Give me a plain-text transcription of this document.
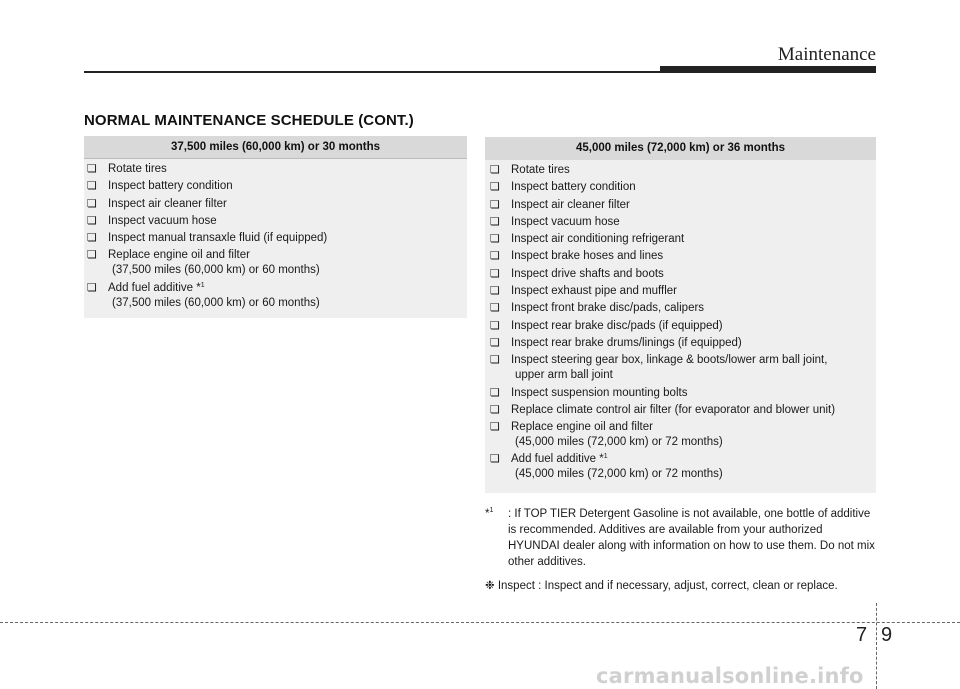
Maintenance
NORMAL MAINTENANCE SCHEDULE (CONT.)
37,500 miles (60,000 km) or 30 months
❏ Rotate tires
❏ Inspect battery condition
❏ Inspect air cleaner filter
❏ Inspect vacuum hose
❏ Inspect manual transaxle fluid (if equipped)
❏ Replace engine oil and filter
(37,500 miles (60,000 km) or 60 months)
❏ Add fuel additive *$^1$
(37,500 miles (60,000 km) or 60 months)
45,000 miles (72,000 km) or 36 months
❏ Rotate tires
❏ Inspect battery condition
❏ Inspect air cleaner filter
❏ Inspect vacuum hose
❏ Inspect air conditioning refrigerant
❏ Inspect brake hoses and lines
❏ Inspect drive shafts and boots
❏ Inspect exhaust pipe and muffler
❏ Inspect front brake disc/pads, calipers
❏ Inspect rear brake disc/pads (if equipped)
❏ Inspect rear brake drums/linings (if equipped)
❏ Inspect steering gear box, linkage & boots/lower arm ball joint,
upper arm ball joint
❏ Inspect suspension mounting bolts
❏ Replace climate control air filter (for evaporator and blower unit)
❏ Replace engine oil and filter
(45,000 miles (72,000 km) or 72 months)
❏ Add fuel additive *$^1$
(45,000 miles (72,000 km) or 72 months)
*$^1$ : If TOP TIER Detergent Gasoline is not available, one bottle of additive is recommended. Additives are available from your authorized HYUNDAI dealer along with information on how to use them. Do not mix other additives.
❉ Inspect : Inspect and if necessary, adjust, correct, clean or replace.
7 9
carmanualsonline.info
